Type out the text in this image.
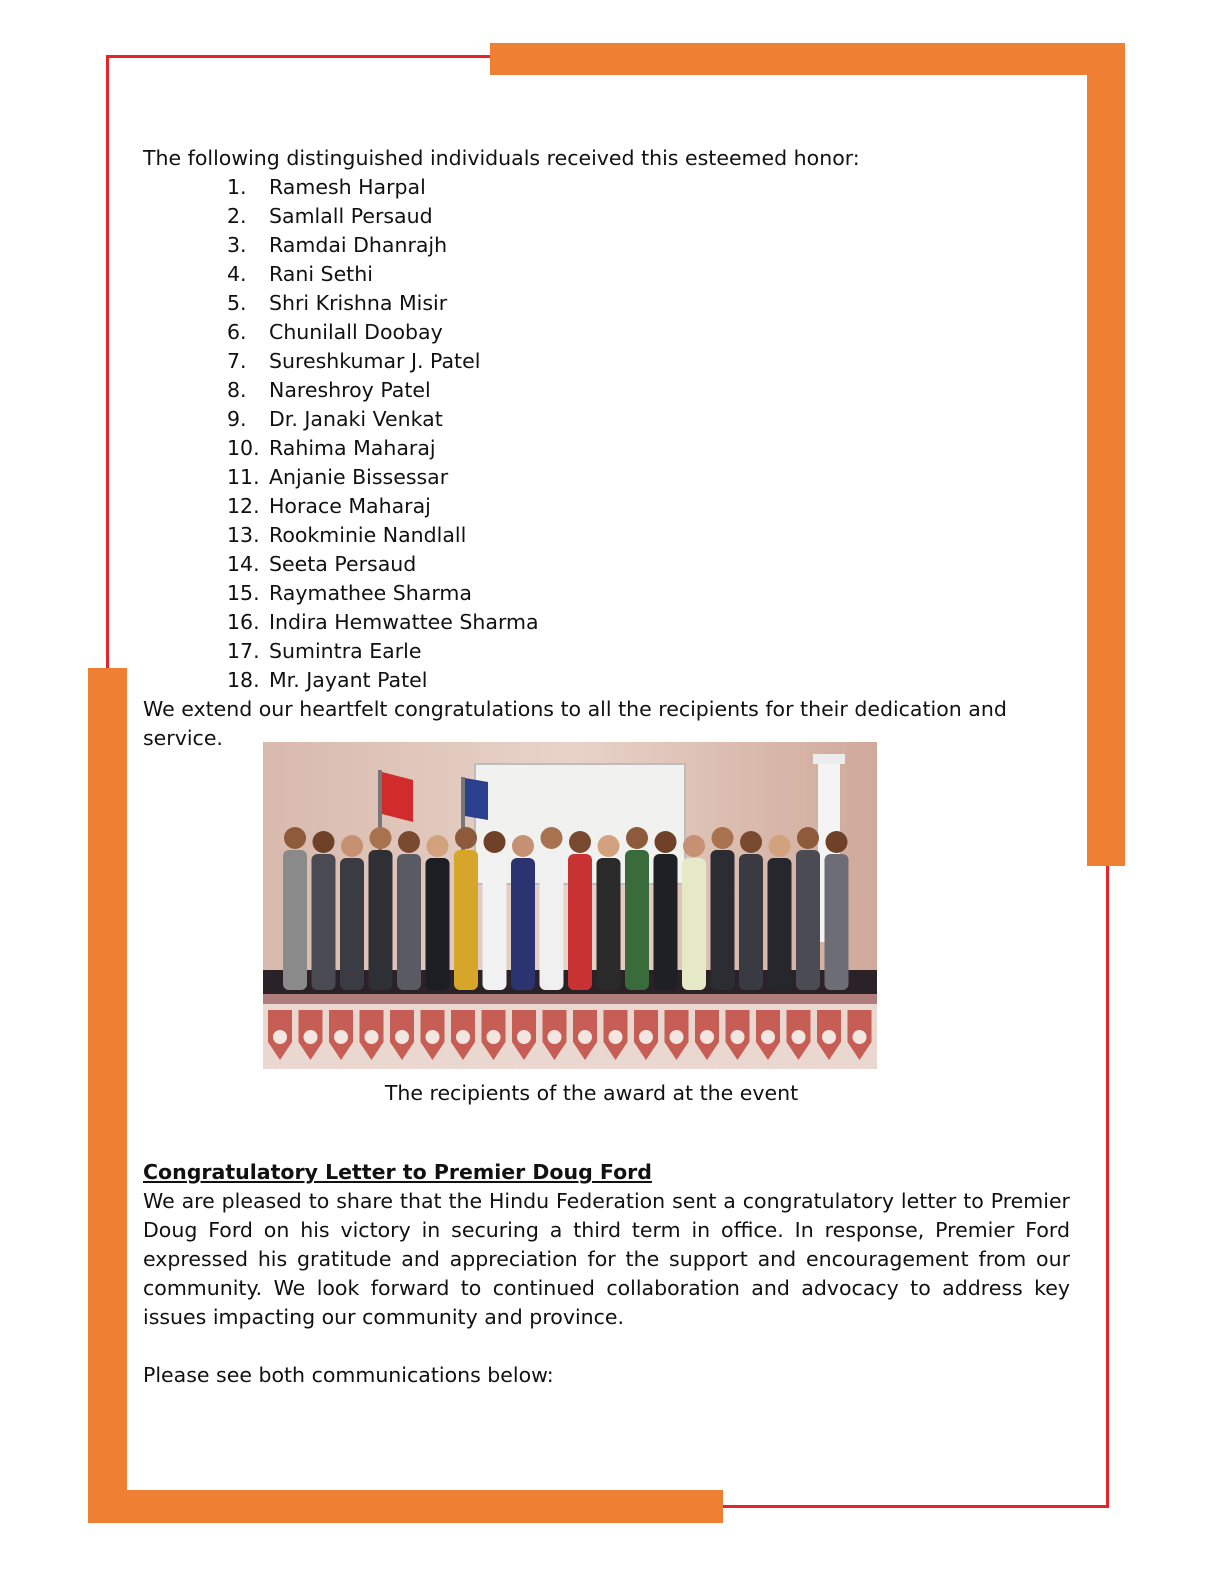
The following distinguished individuals received this esteemed honor:

1.	Ramesh Harpal
2.	Samlall Persaud
3.	Ramdai Dhanrajh
4.	Rani Sethi
5.	Shri Krishna Misir
6.	Chunilall Doobay
7.	Sureshkumar J. Patel
8.	Nareshroy Patel
9.	Dr. Janaki Venkat
10. Rahima Maharaj
11. Anjanie Bissessar
12. Horace Maharaj
13. Rookminie Nandlall
14. Seeta Persaud
15. Raymathee Sharma
16. Indira Hemwattee Sharma
17. Sumintra Earle
18. Mr. Jayant Patel

We extend our heartfelt congratulations to all the recipients for their dedication and service.

The recipients of the award at the event
Congratulatory Letter to Premier Doug Ford

We are pleased to share that the Hindu Federation sent a congratulatory letter to Premier Doug Ford on his victory in securing a third term in office. In response, Premier Ford expressed his gratitude and appreciation for the support and encouragement from our community. We look forward to continued collaboration and advocacy to address key issues impacting our community and province.

Please see both communications below:
